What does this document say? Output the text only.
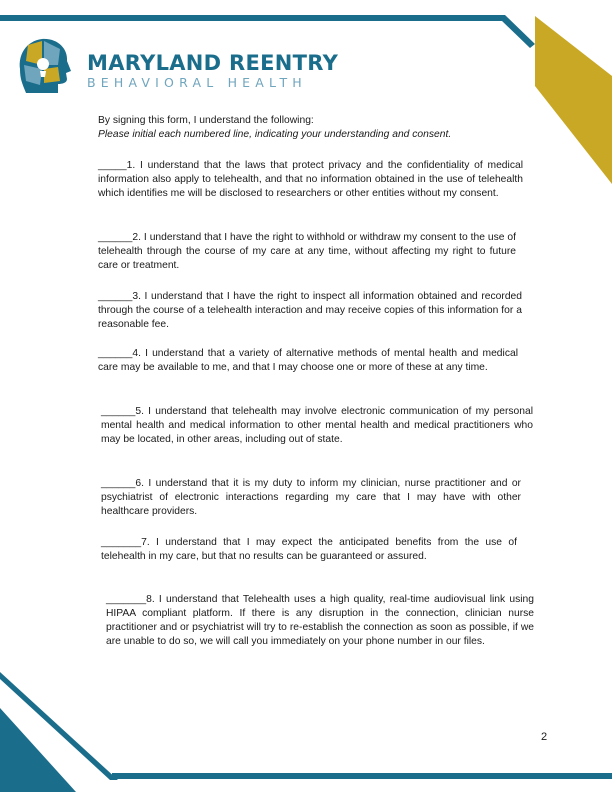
MARYLAND REENTRY
BEHAVIORAL HEALTH
By signing this form, I understand the following:
Please initial each numbered line, indicating your understanding and consent.
_____1. I understand that the laws that protect privacy and the confidentiality of medical information also apply to telehealth, and that no information obtained in the use of telehealth which identifies me will be disclosed to researchers or other entities without my consent.
______2. I understand that I have the right to withhold or withdraw my consent to the use of telehealth through the course of my care at any time, without affecting my right to future care or treatment.
______3. I understand that I have the right to inspect all information obtained and recorded through the course of a telehealth interaction and may receive copies of this information for a reasonable fee.
______4. I understand that a variety of alternative methods of mental health and medical care may be available to me, and that I may choose one or more of these at any time.
______5. I understand that telehealth may involve electronic communication of my personal mental health and medical information to other mental health and medical practitioners who may be located, in other areas, including out of state.
______6. I understand that it is my duty to inform my clinician, nurse practitioner and or psychiatrist of electronic interactions regarding my care that I may have with other healthcare providers.
_______7. I understand that I may expect the anticipated benefits from the use of telehealth in my care, but that no results can be guaranteed or assured.
_______8. I understand that Telehealth uses a high quality, real-time audiovisual link using HIPAA compliant platform. If there is any disruption in the connection, clinician nurse practitioner and or psychiatrist will try to re-establish the connection as soon as possible, if we are unable to do so, we will call you immediately on your phone number in our files.
2
